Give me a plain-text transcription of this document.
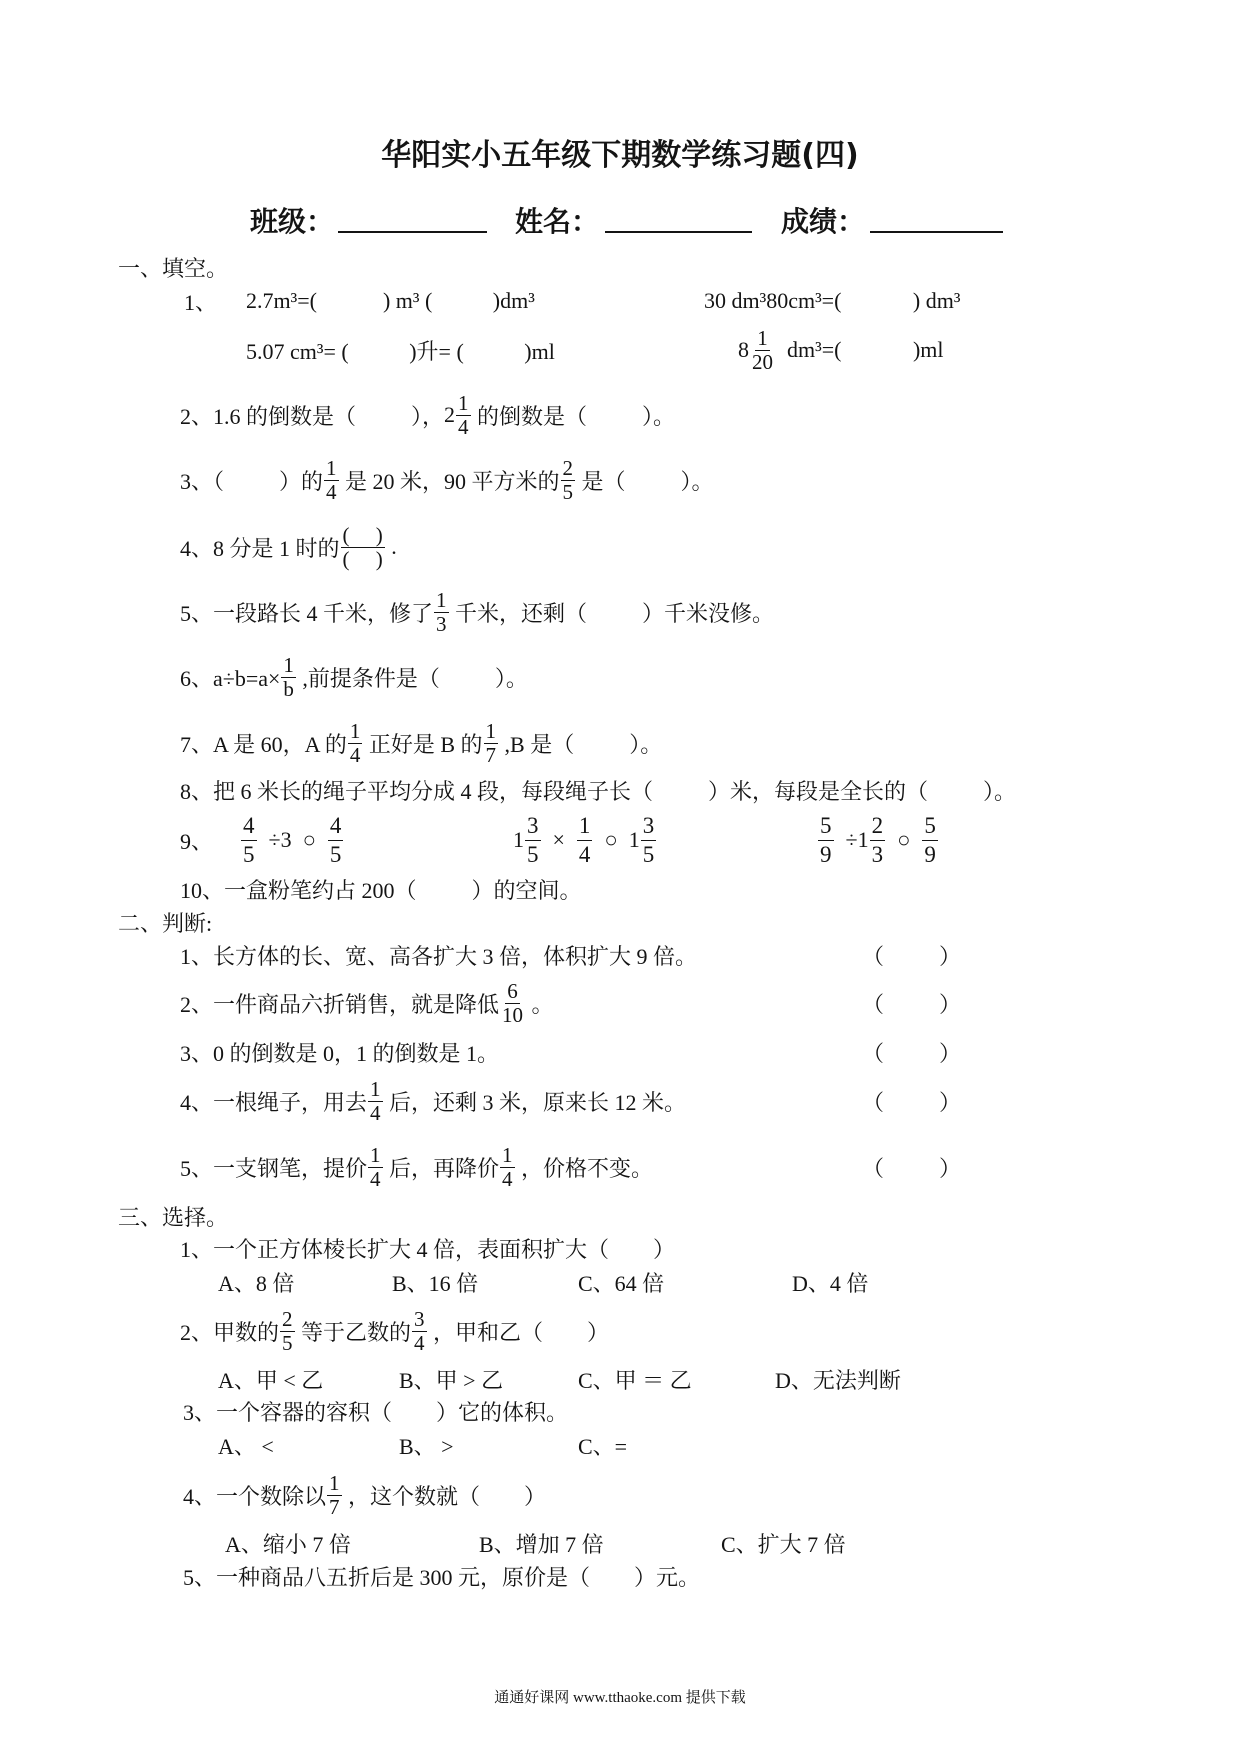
华阳实小五年级下期数学练习题(四)
班级：	姓名：	成绩：
一、填空。
1、 2.7m³=(            ) m³ (           )dm³	30 dm³80cm³=(             ) dm³
5.07 cm³= (           )升= (           )ml	$8 \frac{1}{20} dm^3=$(             )ml
2、1.6 的倒数是（          ）， $2 \frac{1}{4}$ 的倒数是（          ）。
3、（          ）的 $\frac{1}{4}$ 是 20 米，90 平方米的 $\frac{2}{5}$ 是（          ）。
4、8 分是 1 时的 $\frac{( )}{( )}$ .
5、一段路长 4 千米，修了 $\frac{1}{3}$ 千米，还剩（          ）千米没修。
6、$a\div b=a\times \frac{1}{b}$ ,前提条件是（          ）。
7、A 是 60，A 的 $\frac{1}{4}$ 正好是 B 的 $\frac{1}{7} ,B$ 是（          ）。
8、把 6 米长的绳子平均分成 4 段，每段绳子长（          ）米，每段是全长的（          ）。
9、 $\frac{4}{5} \div 3$  ○ $\frac{4}{5}$	$1 \frac{3}{5} \times \frac{1}{4}$ ○ $1 \frac{3}{5}$	$\frac{5}{9} \div 1 \frac{2}{3}$ ○ $\frac{5}{9}$
10、一盒粉笔约占 200（          ）的空间。
二、判断:
1、长方体的长、宽、高各扩大 3 倍，体积扩大 9 倍。	（          ）
2、一件商品六折销售，就是降低 $\frac{6}{10}$ 。	（          ）
3、0 的倒数是 0，1 的倒数是 1。	（          ）
4、一根绳子，用去 $\frac{1}{4}$ 后，还剩 3 米，原来长 12 米。	（          ）
5、一支钢笔，提价 $\frac{1}{4}$ 后，再降价 $\frac{1}{4}$ ，价格不变。	（          ）
三、选择。
1、一个正方体棱长扩大 4 倍，表面积扩大（        ）
A、8 倍	B、16 倍	C、64 倍	D、4 倍
2、甲数的 $\frac{2}{5}$ 等于乙数的 $\frac{3}{4}$ ，甲和乙（        ）
A、甲 < 乙	B、甲 > 乙	C、甲 ＝ 乙	D、无法判断
3、一个容器的容积（        ）它的体积。
A、 <	B、 >	C、=
4、一个数除以 $\frac{1}{7}$ ，这个数就（        ）
A、缩小 7 倍	B、增加 7 倍	C、扩大 7 倍
5、一种商品八五折后是 300 元，原价是（        ）元。
通通好课网 www.tthaoke.com 提供下载
